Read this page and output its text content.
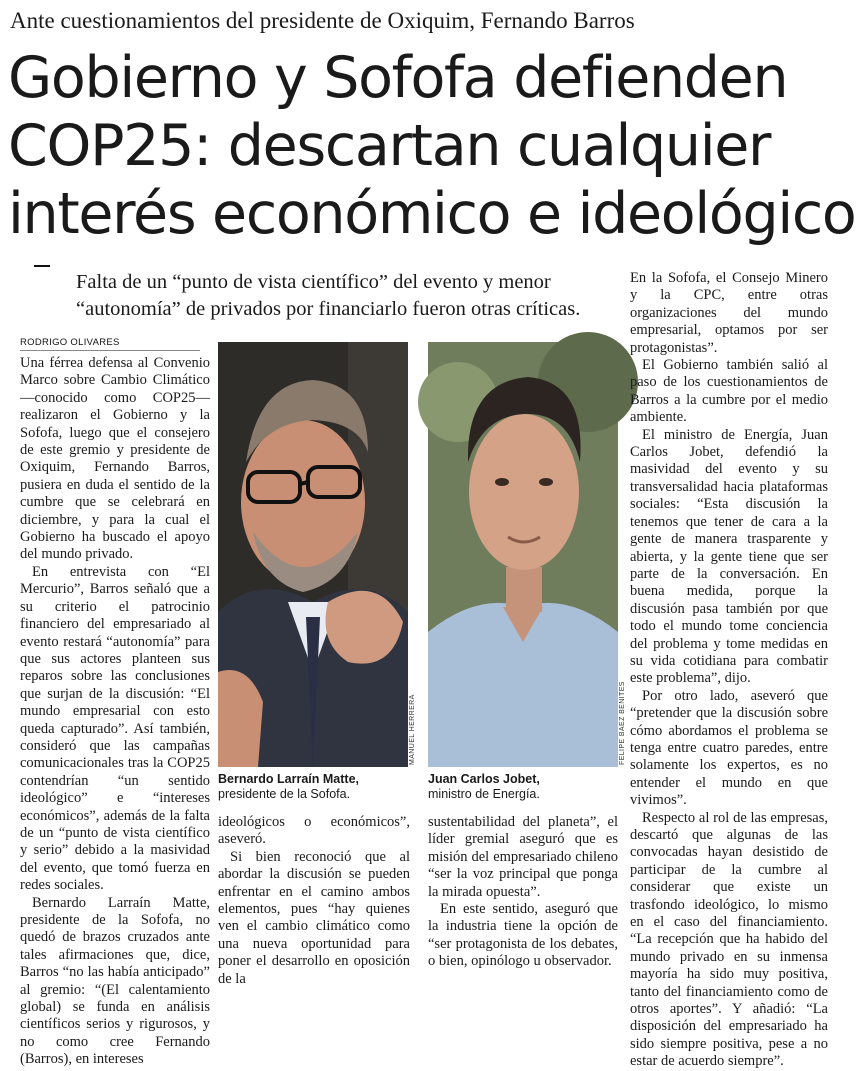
Ante cuestionamientos del presidente de Oxiquim, Fernando Barros
Gobierno y Sofofa defienden
COP25: descartan cualquier
interés económico e ideológico
Falta de un “punto de vista científico” del evento y menor “autonomía” de privados por financiarlo fueron otras críticas.
RODRIGO OLIVARES

Una férrea defensa al Convenio Marco sobre Cambio Climático —conocido como COP25— realizaron el Gobierno y la Sofofa, luego que el consejero de este gremio y presidente de Oxiquim, Fernando Barros, pusiera en duda el sentido de la cumbre que se celebrará en diciembre, y para la cual el Gobierno ha buscado el apoyo del mundo privado.

En entrevista con “El Mercurio”, Barros señaló que a su criterio el patrocinio financiero del empresariado al evento restará “autonomía” para que sus actores planteen sus reparos sobre las conclusiones que surjan de la discusión: “El mundo empresarial con esto queda capturado”. Así también, consideró que las campañas comunicacionales tras la COP25 contendrían “un sentido ideológico” e “intereses económicos”, además de la falta de un “punto de vista científico y serio” debido a la masividad del evento, que tomó fuerza en redes sociales.

Bernardo Larraín Matte, presidente de la Sofofa, no quedó de brazos cruzados ante tales afirmaciones que, dice, Barros “no las había anticipado” al gremio: “(El calentamiento global) se funda en análisis científicos serios y rigurosos, y no como cree Fernando (Barros), en intereses

MANUEL HERRERA	FELIPE BAEZ BENITES
Bernardo Larraín Matte,
presidente de la Sofofa.
Juan Carlos Jobet,
ministro de Energía.

ideológicos o económicos”, aseveró.

Si bien reconoció que al abordar la discusión se pueden enfrentar en el camino ambos elementos, pues “hay quienes ven el cambio climático como una nueva oportunidad para poner el desarrollo en oposición de la

sustentabilidad del planeta”, el líder gremial aseguró que es misión del empresariado chileno “ser la voz principal que ponga la mirada opuesta”.

En este sentido, aseguró que la industria tiene la opción de “ser protagonista de los debates, o bien, opinólogo u observador.

En la Sofofa, el Consejo Minero y la CPC, entre otras organizaciones del mundo empresarial, optamos por ser protagonistas”.

El Gobierno también salió al paso de los cuestionamientos de Barros a la cumbre por el medio ambiente.

El ministro de Energía, Juan Carlos Jobet, defendió la masividad del evento y su transversalidad hacia plataformas sociales: “Esta discusión la tenemos que tener de cara a la gente de manera trasparente y abierta, y la gente tiene que ser parte de la conversación. En buena medida, porque la discusión pasa también por que todo el mundo tome conciencia del problema y tome medidas en su vida cotidiana para combatir este problema”, dijo.

Por otro lado, aseveró que “pretender que la discusión sobre cómo abordamos el problema se tenga entre cuatro paredes, entre solamente los expertos, es no entender el mundo en que vivimos”.

Respecto al rol de las empresas, descartó que algunas de las convocadas hayan desistido de participar de la cumbre al considerar que existe un trasfondo ideológico, lo mismo en el caso del financiamiento. “La recepción que ha habido del mundo privado en su inmensa mayoría ha sido muy positiva, tanto del financiamiento como de otros aportes”. Y añadió: “La disposición del empresariado ha sido siempre positiva, pese a no estar de acuerdo siempre”.
